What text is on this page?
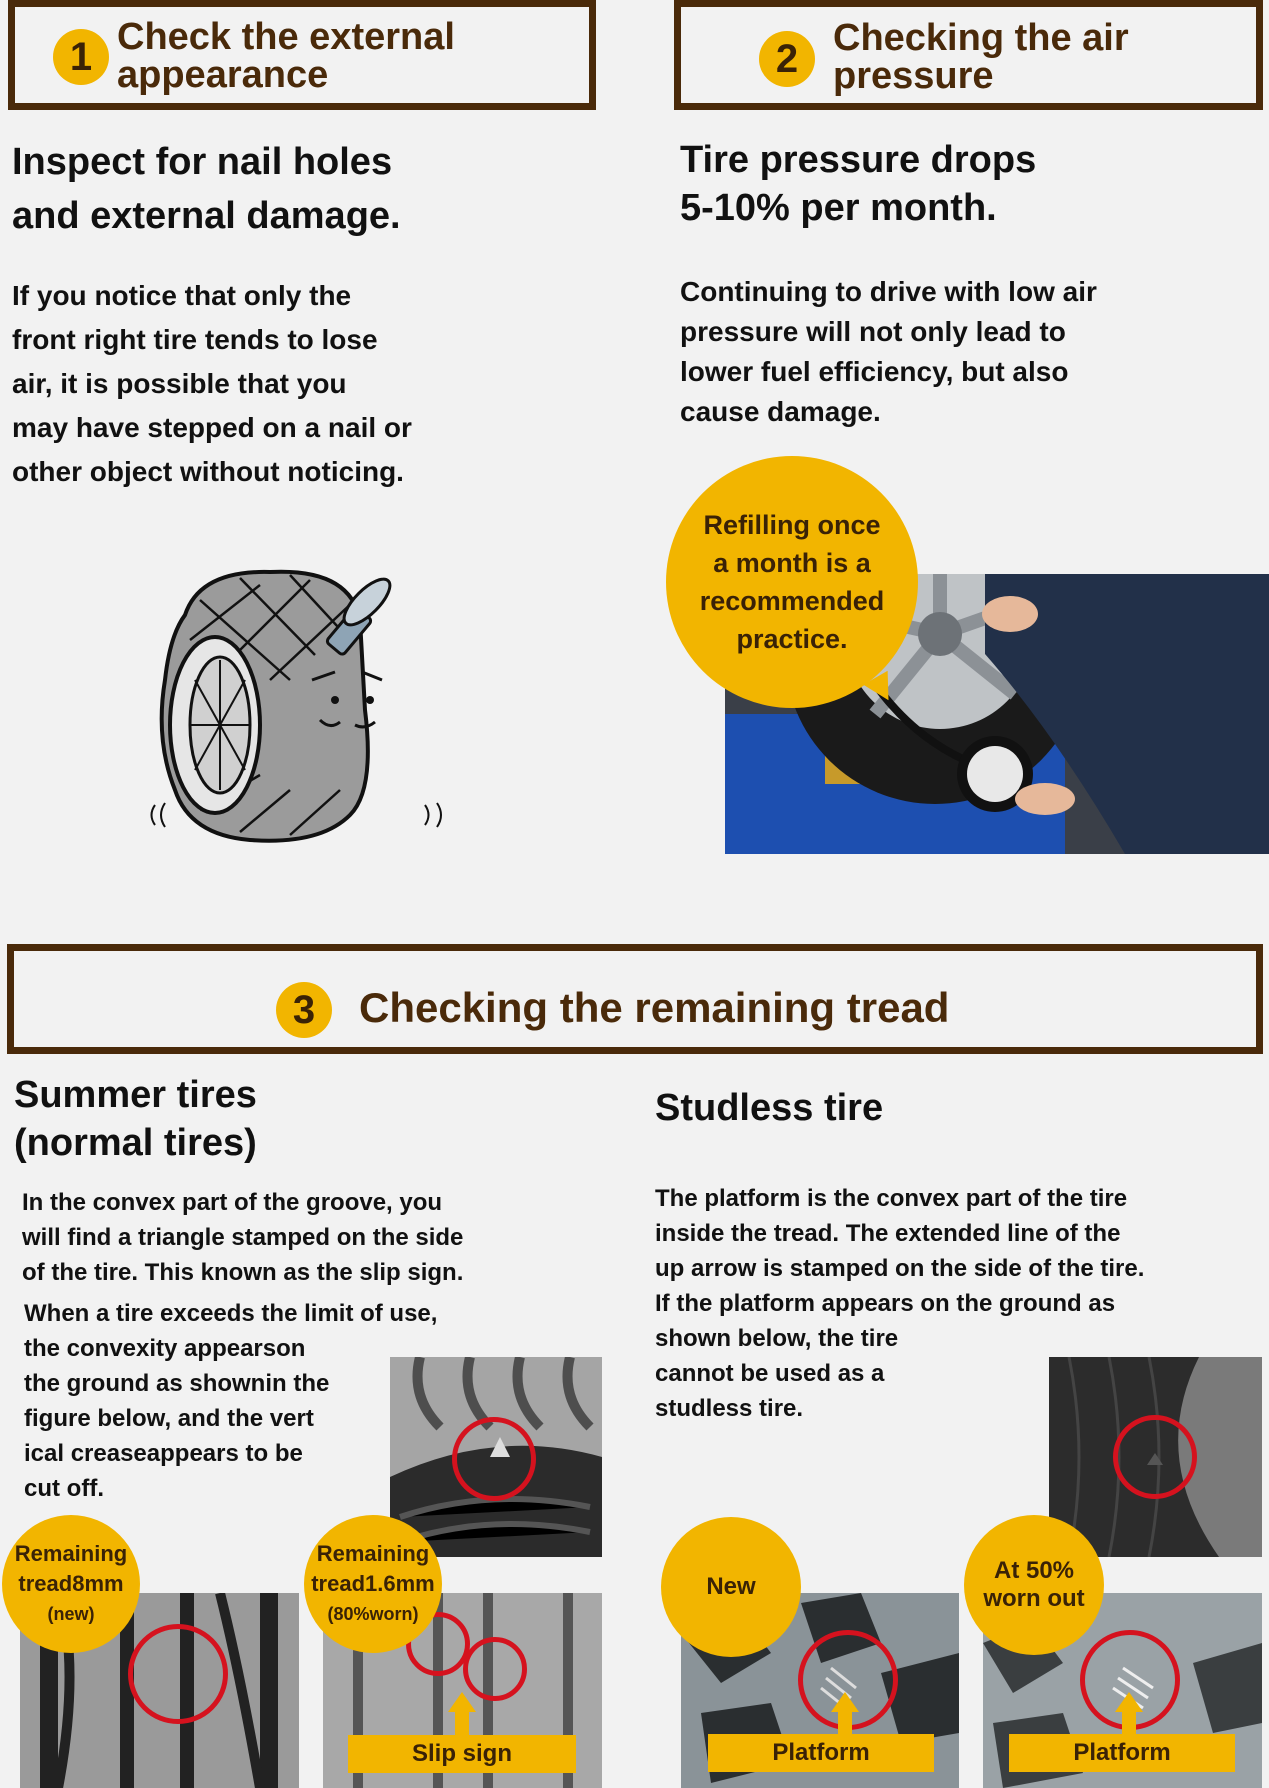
1 Check the external
appearance
Inspect for nail holes
and external damage.
If you notice that only the
front right tire tends to lose
air, it is possible that you
may have stepped on a nail or
other object without noticing.
2 Checking the air
pressure
Tire pressure drops
5-10% per month.
Continuing to drive with low air
pressure will not only lead to
lower fuel efficiency, but also
cause damage.
Refilling once
a month is a
recommended
practice.
3	Checking the remaining tread
Summer tires
(normal tires)
In the convex part of the groove, you
will find a triangle stamped on the side
of the tire. This known as the slip sign.
When a tire exceeds the limit of use,
the convexity appearson
the ground as shownin the
figure below, and the vert
ical creaseappears to be
cut off.
Slip sign
Remaining
tread8mm
(new)
Remaining
tread1.6mm
(80%worn)
Studless tire
The platform is the convex part of the tire
inside the tread. The extended line of the
up arrow is stamped on the side of the tire.
If the platform appears on the ground as
shown below, the tire
cannot be used as a
studless tire.
Platform	Platform
New
At 50%
worn out
